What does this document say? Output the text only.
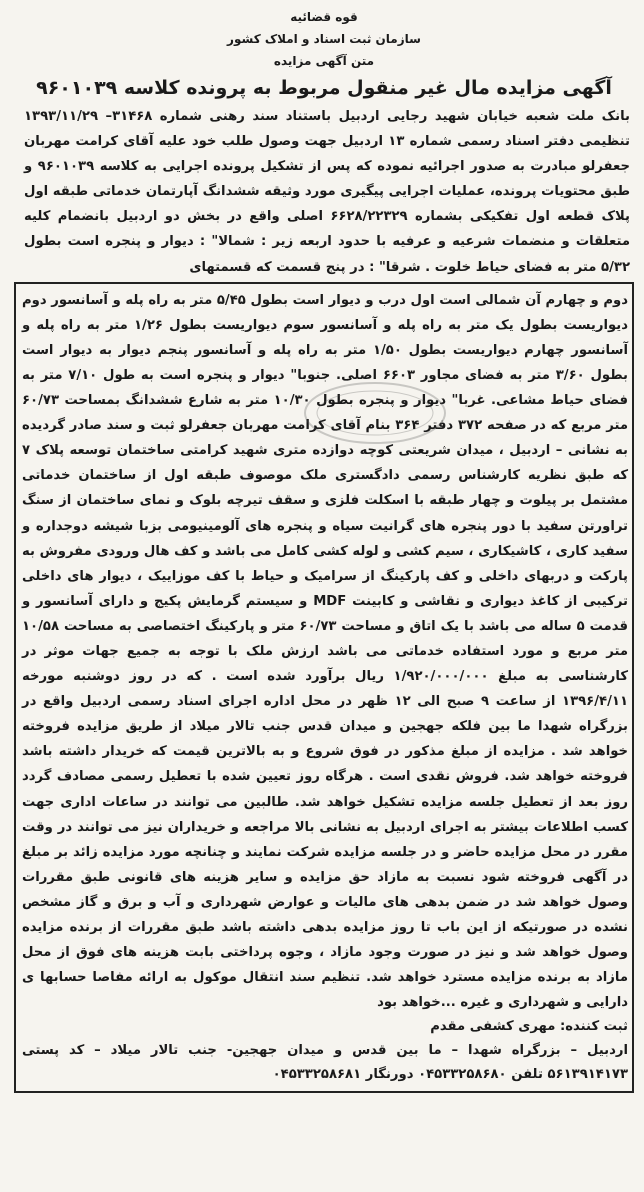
قوه قضائیه
سازمان ثبت اسناد و املاک کشور
متن آگهی مزایده
آگهی مزایده مال غیر منقول مربوط به پرونده کلاسه ۹۶۰۱۰۳۹
بانک ملت شعبه خیابان شهید رجایی اردبیل باستناد سند رهنی شماره ۳۱۴۶۸– ۱۳۹۳/۱۱/۲۹ تنظیمی دفتر اسناد رسمی شماره ۱۳ اردبیل جهت وصول طلب خود علیه آقای کرامت مهربان جعفرلو مبادرت به صدور اجرائیه نموده که پس از تشکیل پرونده اجرایی به کلاسه ۹۶۰۱۰۳۹ و طبق محتویات پرونده، عملیات اجرایی پیگیری مورد وثیقه ششدانگ آپارتمان خدماتی طبقه اول پلاک قطعه اول تفکیکی بشماره ۶۶۲۸/۲۲۳۲۹ اصلی واقع در بخش دو اردبیل بانضمام کلیه متعلقات و منضمات شرعیه و عرفیه با حدود اربعه زیر : شمالا" : دیوار و پنجره است بطول ۵/۳۲ متر به فضای حیاط خلوت . شرقا" : در پنج قسمت که قسمتهای
دوم و چهارم آن شمالی است اول درب و دیوار است بطول ۵/۴۵ متر به راه پله و آسانسور دوم دیواریست بطول یک متر به راه پله و آسانسور سوم دیواریست بطول ۱/۲۶ متر به راه پله و آسانسور چهارم دیواریست بطول ۱/۵۰ متر به راه پله و آسانسور پنجم دیوار به دیوار است بطول ۳/۶۰ متر به فضای مجاور ۶۶۰۳ اصلی. جنوبا" دیوار و پنجره است به طول ۷/۱۰ متر به فضای حیاط مشاعی. غربا" دیوار و پنجره بطول ۱۰/۳۰ متر به شارع ششدانگ بمساحت ۶۰/۷۳ متر مربع که در صفحه ۳۷۲ دفتر ۳۶۴ بنام آقای کرامت مهربان جعفرلو ثبت و سند صادر گردیده به نشانی – اردبیل ، میدان شریعتی کوچه دوازده متری شهید کرامتی ساختمان توسعه پلاک ۷ که طبق نظریه کارشناس رسمی دادگستری ملک موصوف طبقه اول از ساختمان خدماتی مشتمل بر پیلوت و چهار طبقه با اسکلت فلزی و سقف تیرچه بلوک و نمای ساختمان از سنگ تراورتن سفید با دور پنجره های گرانیت سیاه و پنجره های آلومینیومی بزبا شیشه دوجداره و سفید کاری ، کاشیکاری ، سیم کشی و لوله کشی کامل می باشد و کف هال ورودی مفروش به پارکت و دربهای داخلی و کف پارکینگ از سرامیک و حیاط با کف موزاییک ، دیوار های داخلی ترکیبی از کاغذ دیواری و نقاشی و کابینت MDF و سیستم گرمایش پکیج و دارای آسانسور و قدمت ۵ ساله می باشد با یک اتاق و مساحت ۶۰/۷۳ متر و پارکینگ اختصاصی به مساحت ۱۰/۵۸ متر مربع و مورد استفاده خدماتی می باشد ارزش ملک با توجه به جمیع جهات موثر در کارشناسی به مبلغ ۱/۹۲۰/۰۰۰/۰۰۰ ریال برآورد شده است . که در روز دوشنبه مورخه ۱۳۹۶/۴/۱۱ از ساعت ۹ صبح الی ۱۲ ظهر در محل اداره اجرای اسناد رسمی اردبیل واقع در بزرگراه شهدا ما بین فلکه جهجین و میدان قدس جنب تالار میلاد از طریق مزایده فروخته خواهد شد . مزایده از مبلغ مذکور در فوق شروع و به بالاترین قیمت که خریدار داشته باشد فروخته خواهد شد. فروش نقدی است . هرگاه روز تعیین شده با تعطیل رسمی مصادف گردد روز بعد از تعطیل جلسه مزایده تشکیل خواهد شد. طالبین می توانند در ساعات اداری جهت کسب اطلاعات بیشتر به اجرای اردبیل به نشانی بالا مراجعه و خریداران نیز می توانند در وقت مقرر در محل مزایده حاضر و در جلسه مزایده شرکت نمایند و چنانچه مورد مزایده زائد بر مبلغ در آگهی فروخته شود نسبت به مازاد حق مزایده و سایر هزینه های قانونی طبق مقررات وصول خواهد شد در ضمن بدهی های مالیات و عوارض شهرداری و آب و برق و گاز مشخص نشده در صورتیکه از این باب تا روز مزایده بدهی داشته باشد طبق مقررات از برنده مزایده وصول خواهد شد و نیز در صورت وجود مازاد ، وجوه پرداختی بابت هزینه های فوق از محل مازاد به برنده مزایده مسترد خواهد شد. تنظیم سند انتقال موکول به ارائه مفاصا حسابها ی دارایی و شهرداری و غیره ...خواهد بود
ثبت کننده: مهری کشفی مقدم
اردبیل – بزرگراه شهدا – ما بین قدس و میدان جهجین- جنب تالار میلاد – کد پستی ۵۶۱۳۹۱۴۱۷۳ تلفن ۰۴۵۳۳۲۵۸۶۸۰ دورنگار ۰۴۵۳۳۲۵۸۶۸۱
